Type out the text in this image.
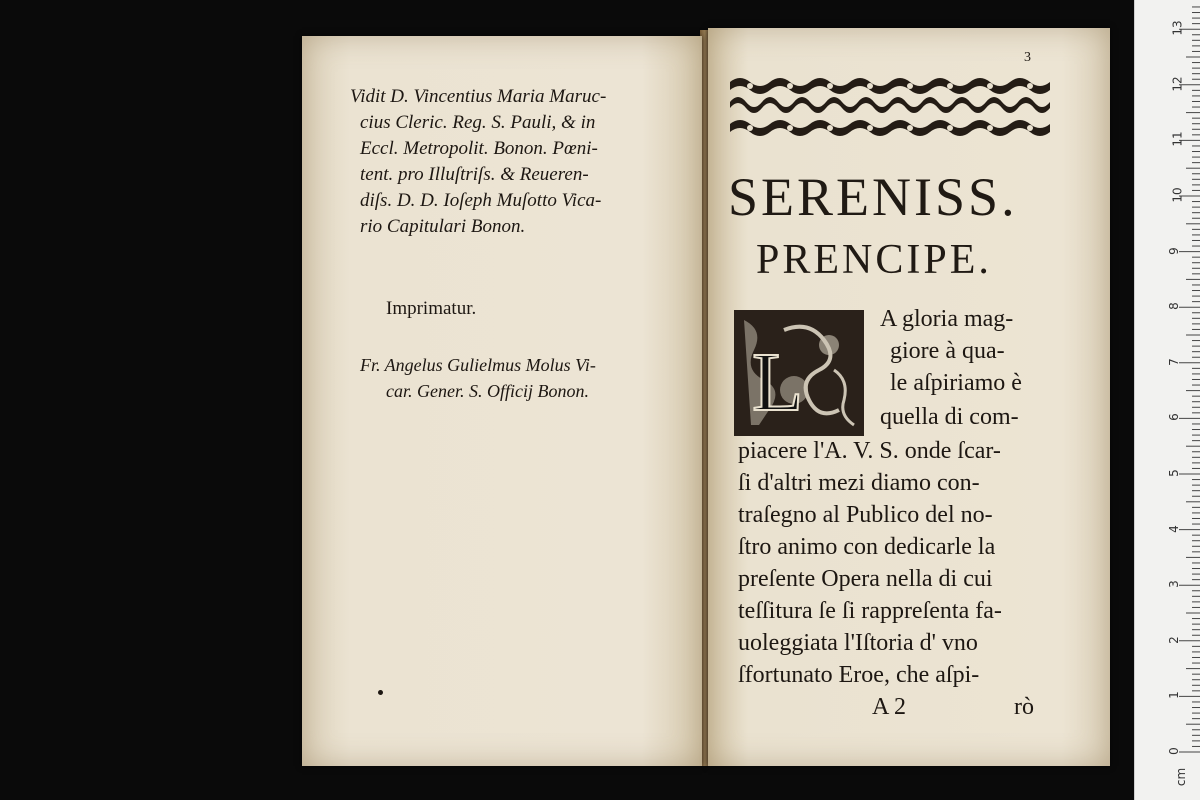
Vidit D. Vincentius Maria Maruc-
cius Cleric. Reg. S. Pauli, & in
Eccl. Metropolit. Bonon. Pœni-
tent. pro Illuſtriſs. & Reueren-
diſs. D. D. Ioſeph Muſotto Vica-
rio Capitulari Bonon.
Imprimatur.
Fr. Angelus Gulielmus Molus Vi-
car. Gener. S. Officij Bonon.
3
SERENISS.
PRENCIPE.
L
A gloria mag-
giore à qua-
le aſpiriamo è
quella di com-
piacere l'A. V. S. onde ſcar-
ſi d'altri mezi diamo con-
traſegno al Publico del no-
ſtro animo con dedicarle la
preſente Opera nella di cui
teſſitura ſe ſi rappreſenta fa-
uoleggiata l'Iſtoria d' vno
ſfortunato Eroe, che aſpi-
A 2	rò
0
1
2
3
4
5
6
7
8
9
10
11
12
13
cm
